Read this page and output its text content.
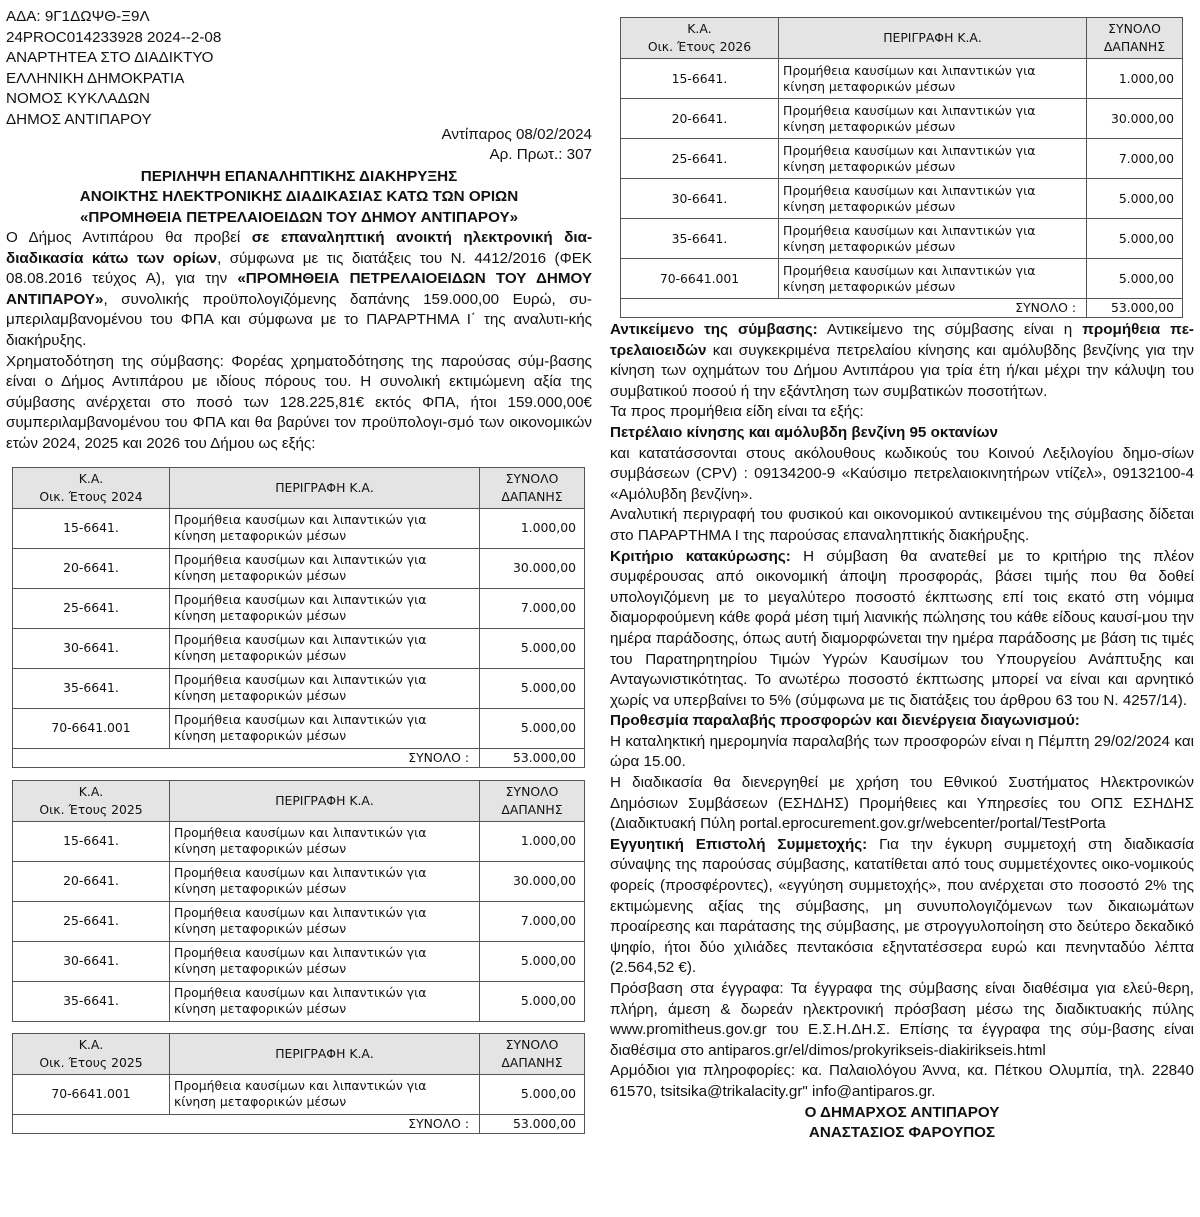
ΑΔΑ: 9Γ1ΔΩΨΘ-Ξ9Λ
24PROC014233928 2024--2-08
ΑΝΑΡΤΗΤΕΑ ΣΤΟ ΔΙΑΔΙΚΤΥΟ
ΕΛΛΗΝΙΚΗ ΔΗΜΟΚΡΑΤΙΑ
ΝΟΜΟΣ ΚΥΚΛΑΔΩΝ
ΔΗΜΟΣ ΑΝΤΙΠΑΡΟΥ
Αντίπαρος 08/02/2024
Αρ. Πρωτ.: 307
ΠΕΡΙΛΗΨΗ ΕΠΑΝΑΛΗΠΤΙΚΗΣ ΔΙΑΚΗΡΥΞΗΣ
ΑΝΟΙΚΤΗΣ ΗΛΕΚΤΡΟΝΙΚΗΣ ΔΙΑΔΙΚΑΣΙΑΣ ΚΑΤΩ ΤΩΝ ΟΡΙΩΝ
«ΠΡΟΜΗΘΕΙΑ ΠΕΤΡΕΛΑΙΟΕΙΔΩΝ ΤΟΥ ΔΗΜΟΥ ΑΝΤΙΠΑΡΟΥ»

Ο Δήμος Αντιπάρου θα προβεί σε επαναληπτική ανοικτή ηλεκτρονική δια-διαδικασία κάτω των ορίων, σύμφωνα με τις διατάξεις του Ν. 4412/2016 (ΦΕΚ 08.08.2016 τεύχος Α), για την «ΠΡΟΜΗΘΕΙΑ ΠΕΤΡΕΛΑΙΟΕΙΔΩΝ ΤΟΥ ΔΗΜΟΥ ΑΝΤΙΠΑΡΟΥ», συνολικής προϋπολογιζόμενης δαπάνης 159.000,00 Ευρώ, συ-μπεριλαμβανομένου του ΦΠΑ και σύμφωνα με το ΠΑΡΑΡΤΗΜΑ Ι΄ της αναλυτι-κής διακήρυξης.

Χρηματοδότηση της σύμβασης: Φορέας χρηματοδότησης της παρούσας σύμ-βασης είναι ο Δήμος Αντιπάρου με ιδίους πόρους του. Η συνολική εκτιμώμενη αξία της σύμβασης ανέρχεται στο ποσό των 128.225,81€ εκτός ΦΠΑ, ήτοι 159.000,00€ συμπεριλαμβανομένου του ΦΠΑ και θα βαρύνει τον προϋπολογι-σμό των οικονομικών ετών 2024, 2025 και 2026 του Δήμου ως εξής:

Κ.Α.
Οικ. Έτους 2024	ΠΕΡΙΓΡΑΦΗ Κ.Α.	ΣΥΝΟΛΟ
ΔΑΠΑΝΗΣ
15-6641.	Προμήθεια καυσίμων και λιπαντικών για
κίνηση μεταφορικών μέσων	1.000,00
20-6641.	Προμήθεια καυσίμων και λιπαντικών για
κίνηση μεταφορικών μέσων	30.000,00
25-6641.	Προμήθεια καυσίμων και λιπαντικών για
κίνηση μεταφορικών μέσων	7.000,00
30-6641.	Προμήθεια καυσίμων και λιπαντικών για
κίνηση μεταφορικών μέσων	5.000,00
35-6641.	Προμήθεια καυσίμων και λιπαντικών για
κίνηση μεταφορικών μέσων	5.000,00
70-6641.001	Προμήθεια καυσίμων και λιπαντικών για
κίνηση μεταφορικών μέσων	5.000,00
ΣΥΝΟΛΟ :		53.000,00
Κ.Α.
Οικ. Έτους 2025	ΠΕΡΙΓΡΑΦΗ Κ.Α.	ΣΥΝΟΛΟ
ΔΑΠΑΝΗΣ
15-6641.	Προμήθεια καυσίμων και λιπαντικών για
κίνηση μεταφορικών μέσων	1.000,00
20-6641.	Προμήθεια καυσίμων και λιπαντικών για
κίνηση μεταφορικών μέσων	30.000,00
25-6641.	Προμήθεια καυσίμων και λιπαντικών για
κίνηση μεταφορικών μέσων	7.000,00
30-6641.	Προμήθεια καυσίμων και λιπαντικών για
κίνηση μεταφορικών μέσων	5.000,00
35-6641.	Προμήθεια καυσίμων και λιπαντικών για
κίνηση μεταφορικών μέσων	5.000,00
Κ.Α.
Οικ. Έτους 2025	ΠΕΡΙΓΡΑΦΗ Κ.Α.	ΣΥΝΟΛΟ
ΔΑΠΑΝΗΣ
70-6641.001	Προμήθεια καυσίμων και λιπαντικών για
κίνηση μεταφορικών μέσων	5.000,00
ΣΥΝΟΛΟ :		53.000,00
Κ.Α.
Οικ. Έτους 2026	ΠΕΡΙΓΡΑΦΗ Κ.Α.	ΣΥΝΟΛΟ
ΔΑΠΑΝΗΣ
15-6641.	Προμήθεια καυσίμων και λιπαντικών για
κίνηση μεταφορικών μέσων	1.000,00
20-6641.	Προμήθεια καυσίμων και λιπαντικών για
κίνηση μεταφορικών μέσων	30.000,00
25-6641.	Προμήθεια καυσίμων και λιπαντικών για
κίνηση μεταφορικών μέσων	7.000,00
30-6641.	Προμήθεια καυσίμων και λιπαντικών για
κίνηση μεταφορικών μέσων	5.000,00
35-6641.	Προμήθεια καυσίμων και λιπαντικών για
κίνηση μεταφορικών μέσων	5.000,00
70-6641.001	Προμήθεια καυσίμων και λιπαντικών για
κίνηση μεταφορικών μέσων	5.000,00
ΣΥΝΟΛΟ :		53.000,00

Αντικείμενο της σύμβασης: Αντικείμενο της σύμβασης είναι η προμήθεια πε-τρελαιοειδών και συγκεκριμένα πετρελαίου κίνησης και αμόλυβδης βενζίνης για την κίνηση των οχημάτων του Δήμου Αντιπάρου για τρία έτη ή/και μέχρι την κάλυψη του συμβατικού ποσού ή την εξάντληση των συμβατικών ποσοτήτων.

Τα προς προμήθεια είδη είναι τα εξής:

Πετρέλαιο κίνησης και αμόλυβδη βενζίνη 95 οκτανίων

και κατατάσσονται στους ακόλουθους κωδικούς του Κοινού Λεξιλογίου δημο-σίων συμβάσεων (CPV) : 09134200-9 «Καύσιμο πετρελαιοκινητήρων ντίζελ», 09132100-4 «Αμόλυβδη βενζίνη».

Αναλυτική περιγραφή του φυσικού και οικονομικού αντικειμένου της σύμβασης δίδεται στο ΠΑΡΑΡΤΗΜΑ Ι της παρούσας επαναληπτικής διακήρυξης.

Κριτήριο κατακύρωσης: Η σύμβαση θα ανατεθεί με το κριτήριο της πλέον συμφέρουσας από οικονομική άποψη προσφοράς, βάσει τιμής που θα δοθεί υπολογιζόμενη με το μεγαλύτερο ποσοστό έκπτωσης επί τοις εκατό στη νόμιμα διαμορφούμενη κάθε φορά μέση τιμή λιανικής πώλησης του κάθε είδους καυσί-μου την ημέρα παράδοσης, όπως αυτή διαμορφώνεται την ημέρα παράδοσης με βάση τις τιμές του Παρατηρητηρίου Τιμών Υγρών Καυσίμων του Υπουργείου Ανάπτυξης και Ανταγωνιστικότητας. Το ανωτέρω ποσοστό έκπτωσης μπορεί να είναι και αρνητικό χωρίς να υπερβαίνει το 5% (σύμφωνα με τις διατάξεις του άρθρου 63 του Ν. 4257/14).

Προθεσμία παραλαβής προσφορών και διενέργεια διαγωνισμού:

Η καταληκτική ημερομηνία παραλαβής των προσφορών είναι η Πέμπτη 29/02/2024 και ώρα 15.00.

Η διαδικασία θα διενεργηθεί με χρήση του Εθνικού Συστήματος Ηλεκτρονικών Δημόσιων Συμβάσεων (ΕΣΗΔΗΣ) Προμήθειες και Υπηρεσίες του ΟΠΣ ΕΣΗΔΗΣ (Διαδικτυακή Πύλη portal.eprocurement.gov.gr/webcenter/portal/TestPorta

Εγγυητική Επιστολή Συμμετοχής: Για την έγκυρη συμμετοχή στη διαδικασία σύναψης της παρούσας σύμβασης, κατατίθεται από τους συμμετέχοντες οικο-νομικούς φορείς (προσφέροντες), «εγγύηση συμμετοχής», που ανέρχεται στο ποσοστό 2% της εκτιμώμενης αξίας της σύμβασης, μη συνυπολογιζόμενων των δικαιωμάτων προαίρεσης και παράτασης της σύμβασης, με στρογγυλοποίηση στο δεύτερο δεκαδικό ψηφίο, ήτοι δύο χιλιάδες πεντακόσια εξηντατέσσερα ευρώ και πενηνταδύο λέπτα (2.564,52 €).

Πρόσβαση στα έγγραφα: Τα έγγραφα της σύμβασης είναι διαθέσιμα για ελεύ-θερη, πλήρη, άμεση & δωρεάν ηλεκτρονική πρόσβαση μέσω της διαδικτυακής πύλης www.promitheus.gov.gr του Ε.Σ.Η.ΔΗ.Σ. Επίσης τα έγγραφα της σύμ-βασης είναι διαθέσιμα στο antiparos.gr/el/dimos/prokyrikseis-diakirikseis.html

Αρμόδιοι για πληροφορίες: κα. Παλαιολόγου Άννα, κα. Πέτκου Ολυμπία, τηλ. 22840 61570, tsitsika@trikalacity.gr" info@antiparos.gr.

Ο ΔΗΜΑΡΧΟΣ ΑΝΤΙΠΑΡΟΥ
ΑΝΑΣΤΑΣΙΟΣ ΦΑΡΟΥΠΟΣ
